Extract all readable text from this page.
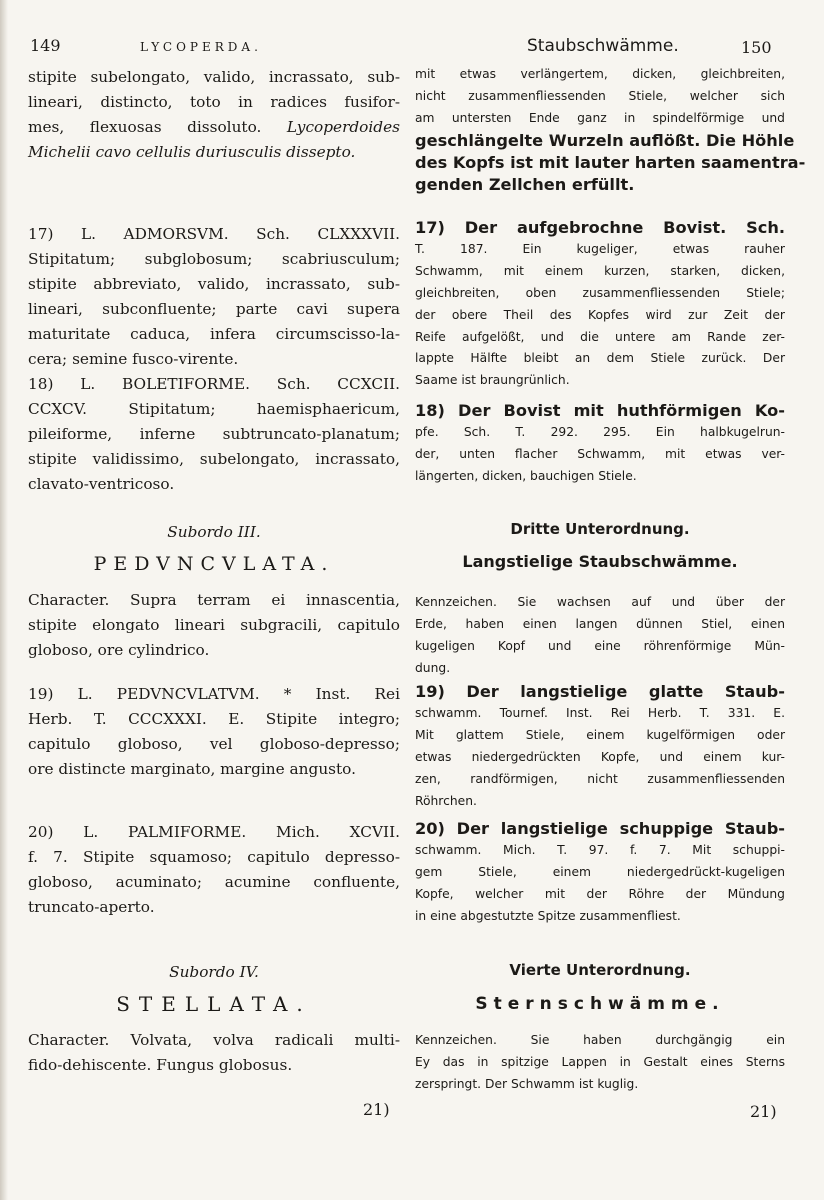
149	LYCOPERDA.
stipite subelongato, valido, incrassato, sub-
lineari, distincto, toto in radices fusifor-
mes, flexuosas dissoluto. Lycoperdoides
Michelii cavo cellulis duriusculis dissepto.
17) L. ADMORSVM. Sch. CLXXXVII.
Stipitatum; subglobosum; scabriusculum;
stipite abbreviato, valido, incrassato, sub-
lineari, subconfluente; parte cavi supera
maturitate caduca, infera circumscisso-la-
cera; semine fusco-virente.
18) L. BOLETIFORME. Sch. CCXCII.
CCXCV. Stipitatum; haemisphaericum,
pileiforme, inferne subtruncato-planatum;
stipite validissimo, subelongato, incrassato,
clavato-ventricoso.
Subordo III.
PEDVNCVLATA.
Character. Supra terram ei innascentia,
stipite elongato lineari subgracili, capitulo
globoso, ore cylindrico.
19) L. PEDVNCVLATVM. * Inst. Rei
Herb. T. CCCXXXI. E. Stipite integro;
capitulo globoso, vel globoso-depresso;
ore distincte marginato, margine angusto.
20) L. PALMIFORME. Mich. XCVII.
f. 7. Stipite squamoso; capitulo depresso-
globoso, acuminato; acumine confluente,
truncato-aperto.
Subordo IV.
STELLATA.
Character. Volvata, volva radicali multi-
fido-dehiscente. Fungus globosus.
21)
Staubschwämme.	150
mit etwas verlängertem, dicken, gleichbreiten,
nicht zusammenfliessenden Stiele, welcher sich
am untersten Ende ganz in spindelförmige und
geschlängelte Wurzeln auflößt. Die Höhle
des Kopfs ist mit lauter harten saamentra-
genden Zellchen erfüllt.
17) Der aufgebrochne Bovist. Sch.
T. 187. Ein kugeliger, etwas rauher
Schwamm, mit einem kurzen, starken, dicken,
gleichbreiten, oben zusammenfliessenden Stiele;
der obere Theil des Kopfes wird zur Zeit der
Reife aufgelößt, und die untere am Rande zer-
lappte Hälfte bleibt an dem Stiele zurück. Der
Saame ist braungrünlich.
18) Der Bovist mit huthförmigen Ko-
pfe. Sch. T. 292. 295. Ein halbkugelrun-
der, unten flacher Schwamm, mit etwas ver-
längerten, dicken, bauchigen Stiele.
Dritte Unterordnung.
Langstielige Staubschwämme.
Kennzeichen. Sie wachsen auf und über der
Erde, haben einen langen dünnen Stiel, einen
kugeligen Kopf und eine röhrenförmige Mün-
dung.
19) Der langstielige glatte Staub-
schwamm. Tournef. Inst. Rei Herb. T. 331. E.
Mit glattem Stiele, einem kugelförmigen oder
etwas niedergedrückten Kopfe, und einem kur-
zen, randförmigen, nicht zusammenfliessenden
Röhrchen.
20) Der langstielige schuppige Staub-
schwamm. Mich. T. 97. f. 7. Mit schuppi-
gem Stiele, einem niedergedrückt-kugeligen
Kopfe, welcher mit der Röhre der Mündung
in eine abgestutzte Spitze zusammenfliest.
Vierte Unterordnung.
Sternschwämme.
Kennzeichen. Sie haben durchgängig ein
Ey das in spitzige Lappen in Gestalt eines Sterns
zerspringt. Der Schwamm ist kuglig.
21)
